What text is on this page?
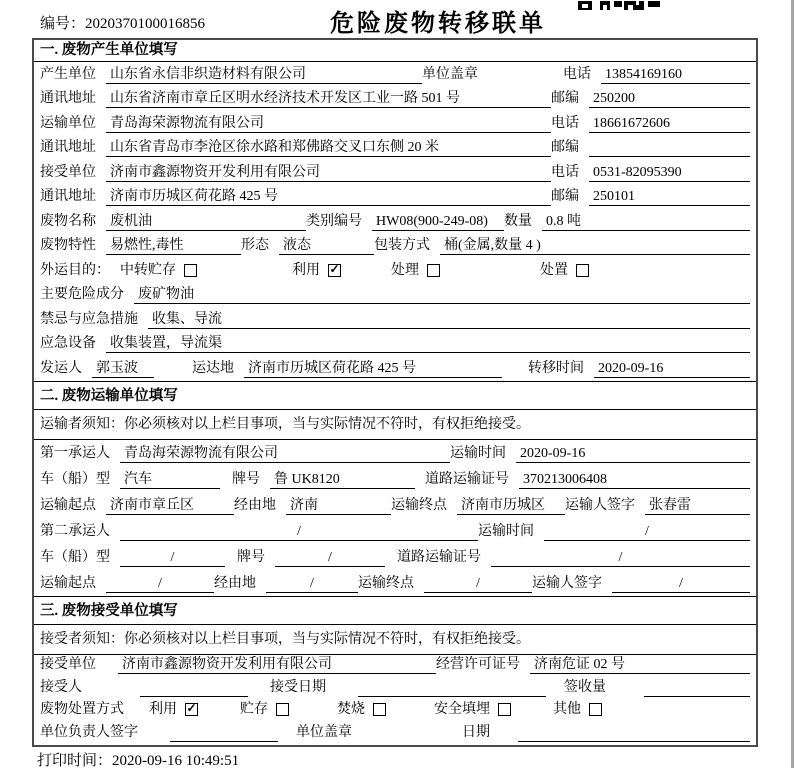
编号：2020370100016856	危险废物转移联单
一. 废物产生单位填写
产生单位 山东省永信非织造材料有限公司	单位盖章	电话 13854169160
通讯地址 山东省济南市章丘区明水经济技术开发区工业一路 501 号	邮编 250200
运输单位 青岛海荣源物流有限公司	电话 18661672606
通讯地址 山东省青岛市李沧区徐水路和郑佛路交叉口东侧 20 米	邮编
接受单位 济南市鑫源物资开发利用有限公司	电话 0531-82095390
通讯地址 济南市历城区荷花路 425 号	邮编 250101
废物名称 废机油	类别编号 HW08(900-249-08)	数量 0.8 吨
废物特性 易燃性,毒性	形态 液态	包装方式 桶(金属,数量 4 )
外运目的： 中转贮存	利用 ✓	处理	处置
主要危险成分 废矿物油
禁忌与应急措施 收集、导流
应急设备 收集装置，导流渠
发运人 郭玉波	运达地 济南市历城区荷花路 425 号	转移时间 2020-09-16
二. 废物运输单位填写
运输者须知：你必须核对以上栏目事项，当与实际情况不符时，有权拒绝接受。
第一承运人 青岛海荣源物流有限公司	运输时间 2020-09-16
车（船）型 汽车	牌号 鲁 UK8120	道路运输证号 370213006408
运输起点 济南市章丘区	经由地 济南	运输终点 济南市历城区	运输人签字 张春雷
第二承运人	/	运输时间	/
车（船）型	/	牌号	/	道路运输证号	/
运输起点	/	经由地	/	运输终点	/	运输人签字	/
三. 废物接受单位填写
接受者须知：你必须核对以上栏目事项，当与实际情况不符时，有权拒绝接受。
接受单位 济南市鑫源物资开发利用有限公司	经营许可证号 济南危证 02 号
接受人	接受日期	签收量
废物处置方式 利用 ✓	贮存	焚烧	安全填埋	其他
单位负责人签字	单位盖章	日期
打印时间：2020-09-16 10:49:51
